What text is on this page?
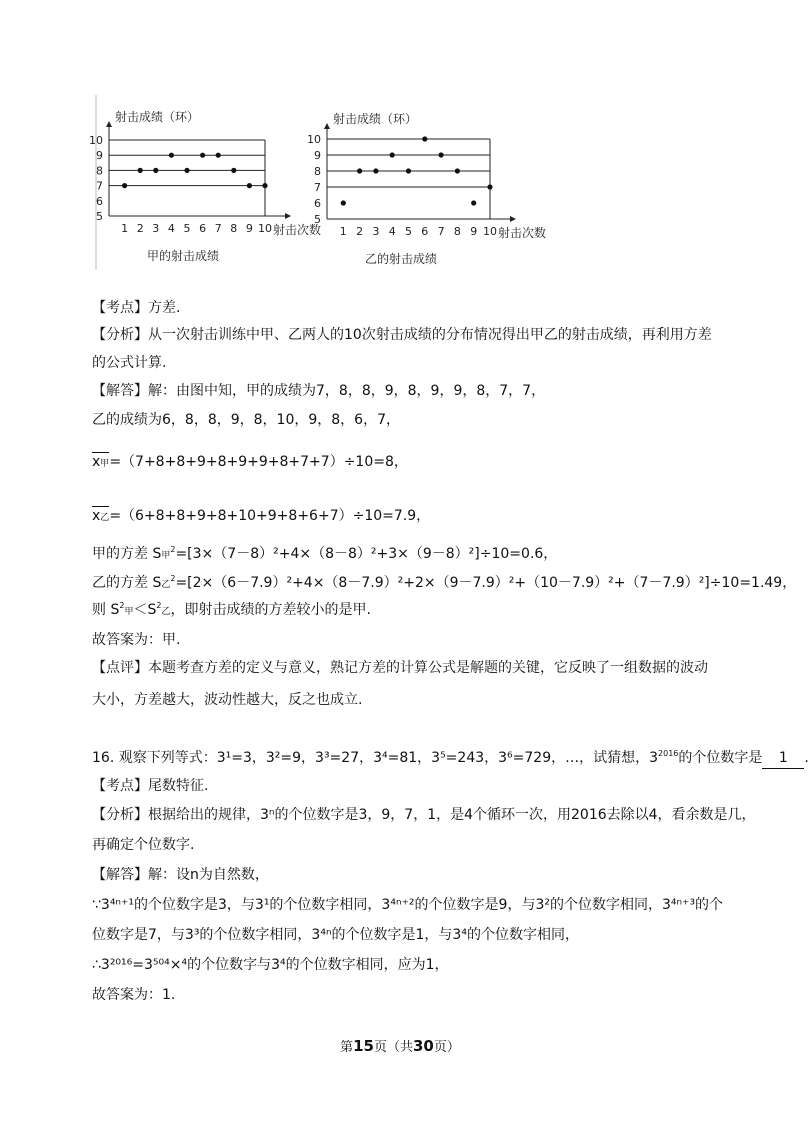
10
9
8
7
6
5
1 2 3 4 5 6 7 8 9 10
射击成绩（环）
射击次数
甲的射击成绩
10
9
8
7
6
5
1 2 3 4 5 6 7 8 9 10
射击成绩（环）
射击次数
乙的射击成绩
【考点】方差.
【分析】从一次射击训练中甲、乙两人的10次射击成绩的分布情况得出甲乙的射击成绩，再利用方差
的公式计算.
【解答】解：由图中知，甲的成绩为7，8，8，9，8，9，9，8，7，7，
乙的成绩为6，8，8，9，8，10，9，8，6，7，
x甲=（7+8+8+9+8+9+9+8+7+7）÷10=8，
x乙=（6+8+8+9+8+10+9+8+6+7）÷10=7.9，
甲的方差 S甲$^2$=[3×（7－8）²+4×（8－8）²+3×（9－8）²]÷10=0.6，
乙的方差 S乙$^2$=[2×（6－7.9）²+4×（8－7.9）²+2×（9－7.9）²+（10－7.9）²+（7－7.9）²]÷10=1.49，
则 $S^2$甲$<S^2$乙，即射击成绩的方差较小的是甲.
故答案为：甲.
【点评】本题考查方差的定义与意义，熟记方差的计算公式是解题的关键，它反映了一组数据的波动
大小，方差越大，波动性越大，反之也成立.
16. 观察下列等式：3¹=3，3²=9，3³=27，3⁴=81，3⁵=243，3⁶=729，…，试猜想，$3^{2016}$的个位数字是 1 .
【考点】尾数特征.
【分析】根据给出的规律，3ⁿ的个位数字是3，9，7，1，是4个循环一次，用2016去除以4，看余数是几，
再确定个位数字.
【解答】解：设n为自然数，
∵3⁴ⁿ⁺¹的个位数字是3，与3¹的个位数字相同，3⁴ⁿ⁺²的个位数字是9，与3²的个位数字相同，3⁴ⁿ⁺³的个
位数字是7，与3³的个位数字相同，3⁴ⁿ的个位数字是1，与3⁴的个位数字相同，
∴3²⁰¹⁶=3⁵⁰⁴×⁴的个位数字与3⁴的个位数字相同，应为1，
故答案为：1.
第15页（共30页）
